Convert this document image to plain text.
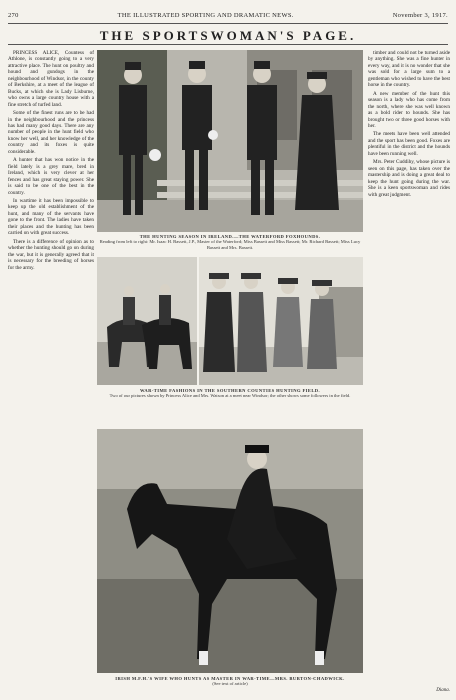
270	THE ILLUSTRATED SPORTING AND DRAMATIC NEWS.	November 3, 1917.
THE SPORTSWOMAN'S PAGE.

PRINCESS ALICE, Countess of Athlone, is constantly going to a very attractive place. The hunt on poultry and hound and gundogs in the neighbourhood of Windsor, in the county of Berkshire, at a meet of the league of Bucks, at which she is Lady Lisburne, who owns a large country house with a fine stretch of turfed land.

Some of the finest runs are to be had in the neighbourhood and the princess has had many good days. There are any number of people in the hunt field who know her well, and her knowledge of the country and its foxes is quite considerable.

A hunter that has won notice in the field lately is a grey mare, bred in Ireland, which is very clever at her fences and has great staying power. She is said to be one of the best in the country.

In wartime it has been impossible to keep up the old establishment of the hunt, and many of the servants have gone to the front. The ladies have taken their places and the hunting has been carried on with great success.

There is a difference of opinion as to whether the hunting should go on during the war, but it is generally agreed that it is necessary for the breeding of horses for the army.

timber and could not be turned aside by anything. She was a fine hunter in every way, and it is no wonder that she was sold for a large sum to a gentleman who wished to have the best horse in the country.

A new member of the hunt this season is a lady who has come from the north, where she was well known as a bold rider to hounds. She has brought two or three good horses with her.

The meets have been well attended and the sport has been good. Foxes are plentiful in the district and the hounds have been running well.

Mrs. Peter Cuddihy, whose picture is seen on this page, has taken over the mastership and is doing a great deal to keep the hunt going during the war. She is a keen sportswoman and rides with great judgment.

THE HUNTING SEASON IN IRELAND.—THE WATERFORD FOXHOUNDS.
Reading from left to right: Mr. Isaac H. Bassett, J.P., Master of the Waterford; Miss Bassett and Miss Bassett; Mr. Richard Bassett; Miss Lucy Bassett and Mrs. Bassett.
WAR-TIME FASHIONS IN THE SOUTHERN COUNTIES HUNTING FIELD.
Two of our pictures shown by Princess Alice and Mrs. Watson at a meet near Windsor; the other shows some followers in the field.
IRISH M.F.H.'S WIFE WHO HUNTS AS MASTER IN WAR-TIME—MRS. BURTON-CHADWICK.
(See text of article)
Diana.
